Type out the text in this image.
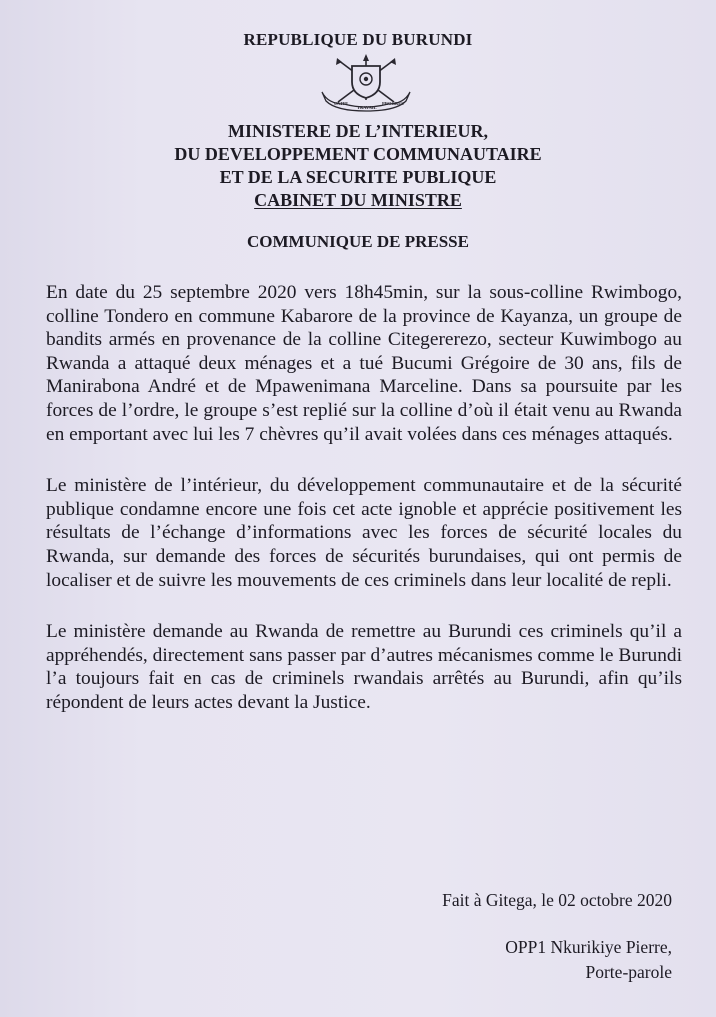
REPUBLIQUE DU BURUNDI
UNITE
TRAVAIL
PROGRES
MINISTERE DE L’INTERIEUR,
DU DEVELOPPEMENT COMMUNAUTAIRE
ET DE LA SECURITE PUBLIQUE
CABINET DU MINISTRE
COMMUNIQUE DE PRESSE

En date du 25 septembre 2020 vers 18h45min, sur la sous-colline Rwimbogo, colline Tondero en commune Kabarore de la province de Kayanza, un groupe de bandits armés en provenance de la colline Citegererezo, secteur Kuwimbogo au Rwanda a attaqué deux ménages et a tué Bucumi Grégoire de 30 ans, fils de Manirabona André et de Mpawenimana Marceline. Dans sa poursuite par les forces de l’ordre, le groupe s’est replié sur la colline d’où il était venu au Rwanda en emportant avec lui les 7 chèvres qu’il avait volées dans ces ménages attaqués.

Le ministère de l’intérieur, du développement communautaire et de la sécurité publique condamne encore une fois cet acte ignoble et apprécie positivement les résultats de l’échange d’informations avec les forces de sécurité locales du Rwanda, sur demande des forces de sécurités burundaises, qui ont permis de localiser et de suivre les mouvements de ces criminels dans leur localité de repli.

Le ministère demande au Rwanda de remettre au Burundi ces criminels qu’il a appréhendés, directement sans passer par d’autres mécanismes comme le Burundi l’a toujours fait en cas de criminels rwandais arrêtés au Burundi, afin qu’ils répondent de leurs actes devant la Justice.

Fait à Gitega, le 02 octobre 2020
OPP1 Nkurikiye Pierre,
Porte-parole
